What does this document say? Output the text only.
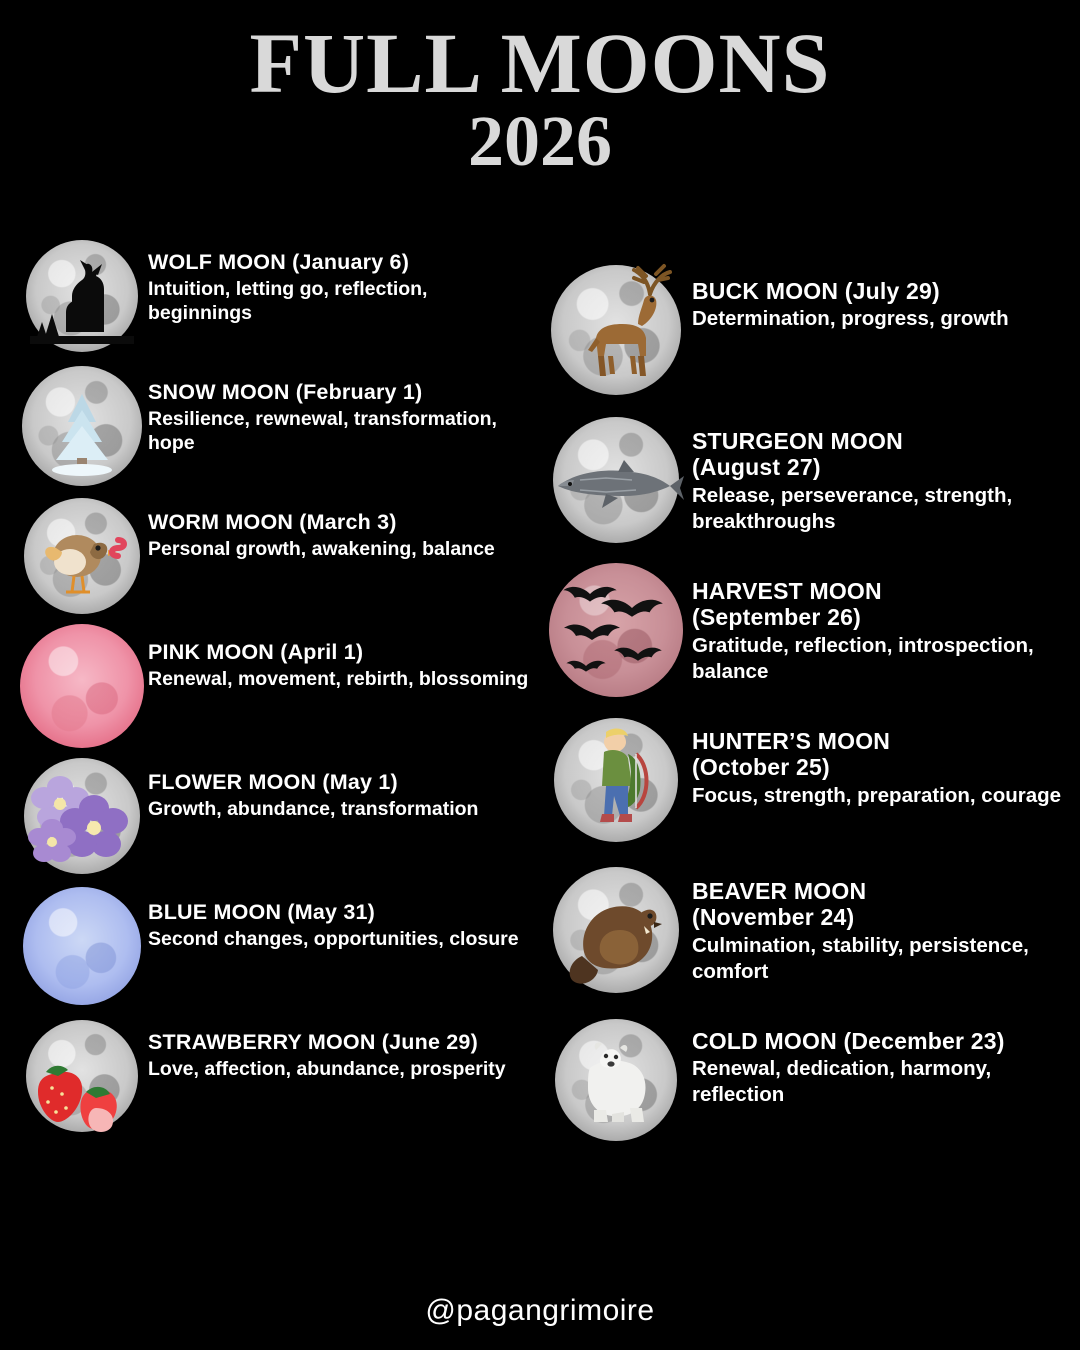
FULL MOONS
2026
WOLF MOON (January 6)
Intuition, letting go, reflection, beginnings
SNOW MOON (February 1)
Resilience, rewnewal, transformation, hope
WORM MOON (March 3)
Personal growth, awakening, balance
PINK MOON (April 1)
Renewal, movement, rebirth, blossoming
FLOWER MOON (May 1)
Growth, abundance, transformation
BLUE MOON (May 31)
Second changes, opportunities, closure
STRAWBERRY MOON (June 29)
Love, affection, abundance, prosperity
BUCK MOON (July 29)
Determination, progress, growth
STURGEON MOON
(August 27)
Release, perseverance, strength, breakthroughs
HARVEST MOON
(September 26)
Gratitude, reflection, introspection, balance
HUNTER’S MOON
(October 25)
Focus, strength, preparation, courage
BEAVER MOON
(November 24)
Culmination, stability, persistence, comfort
COLD MOON (December 23)
Renewal, dedication, harmony, reflection
@pagangrimoire
